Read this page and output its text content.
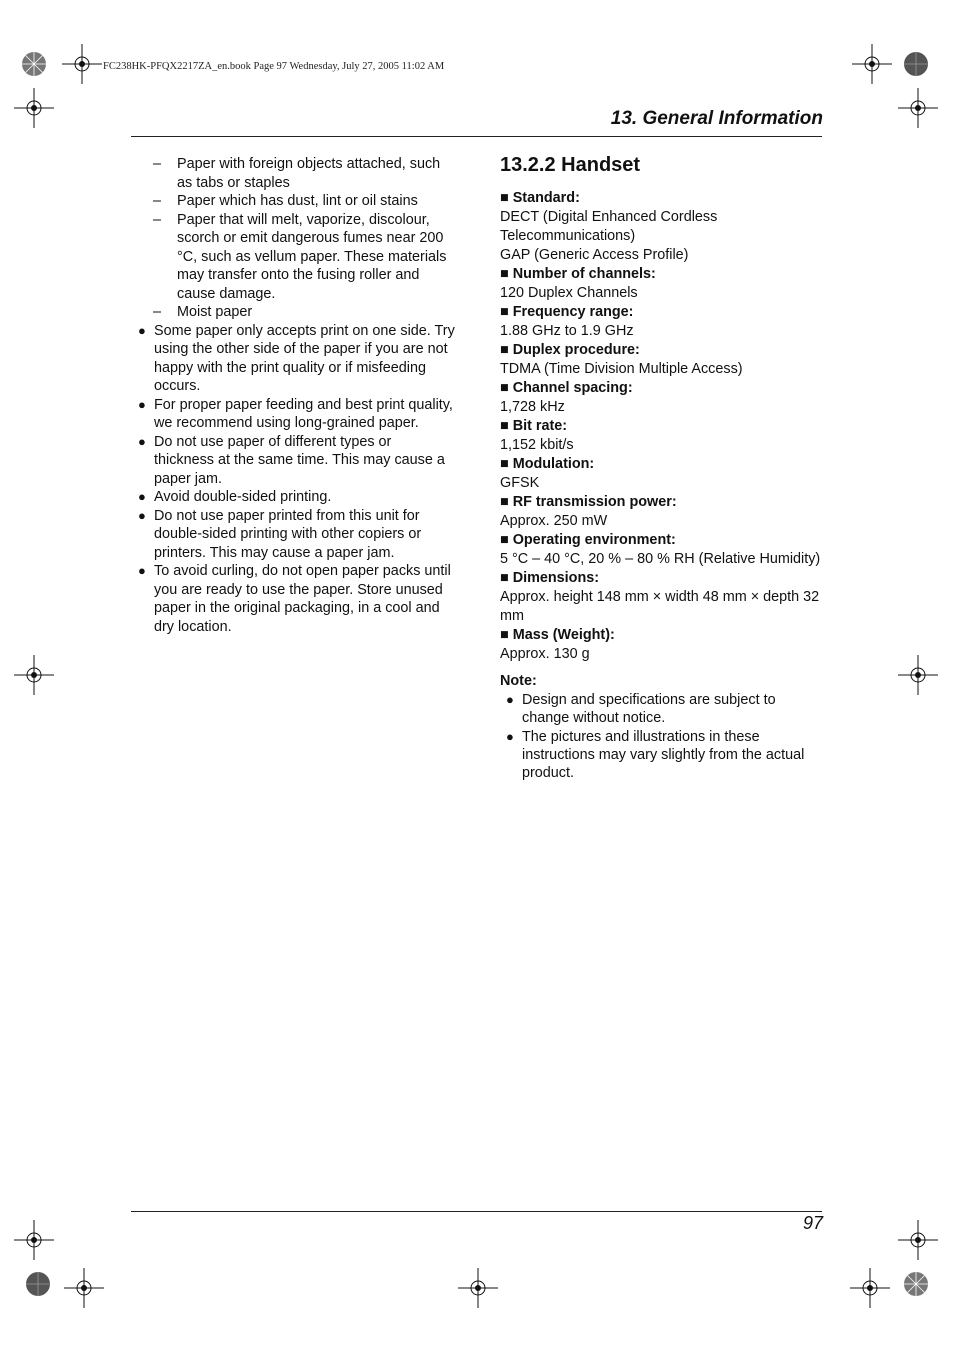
FC238HK-PFQX2217ZA_en.book Page 97 Wednesday, July 27, 2005 11:02 AM
13. General Information
– Paper with foreign objects attached, such as tabs or staples
– Paper which has dust, lint or oil stains
– Paper that will melt, vaporize, discolour, scorch or emit dangerous fumes near 200 °C, such as vellum paper. These materials may transfer onto the fusing roller and cause damage.
– Moist paper
● Some paper only accepts print on one side. Try using the other side of the paper if you are not happy with the print quality or if misfeeding occurs.
● For proper paper feeding and best print quality, we recommend using long-grained paper.
● Do not use paper of different types or thickness at the same time. This may cause a paper jam.
● Avoid double-sided printing.
● Do not use paper printed from this unit for double-sided printing with other copiers or printers. This may cause a paper jam.
● To avoid curling, do not open paper packs until you are ready to use the paper. Store unused paper in the original packaging, in a cool and dry location.
13.2.2 Handset
■ Standard:
DECT (Digital Enhanced Cordless Telecommunications)
GAP (Generic Access Profile)
■ Number of channels:
120 Duplex Channels
■ Frequency range:
1.88 GHz to 1.9 GHz
■ Duplex procedure:
TDMA (Time Division Multiple Access)
■ Channel spacing:
1,728 kHz
■ Bit rate:
1,152 kbit/s
■ Modulation:
GFSK
■ RF transmission power:
Approx. 250 mW
■ Operating environment:
5 °C – 40 °C, 20 % – 80 % RH (Relative Humidity)
■ Dimensions:
Approx. height 148 mm × width 48 mm × depth 32 mm
■ Mass (Weight):
Approx. 130 g
Note:
● Design and specifications are subject to change without notice.
● The pictures and illustrations in these instructions may vary slightly from the actual product.
97
